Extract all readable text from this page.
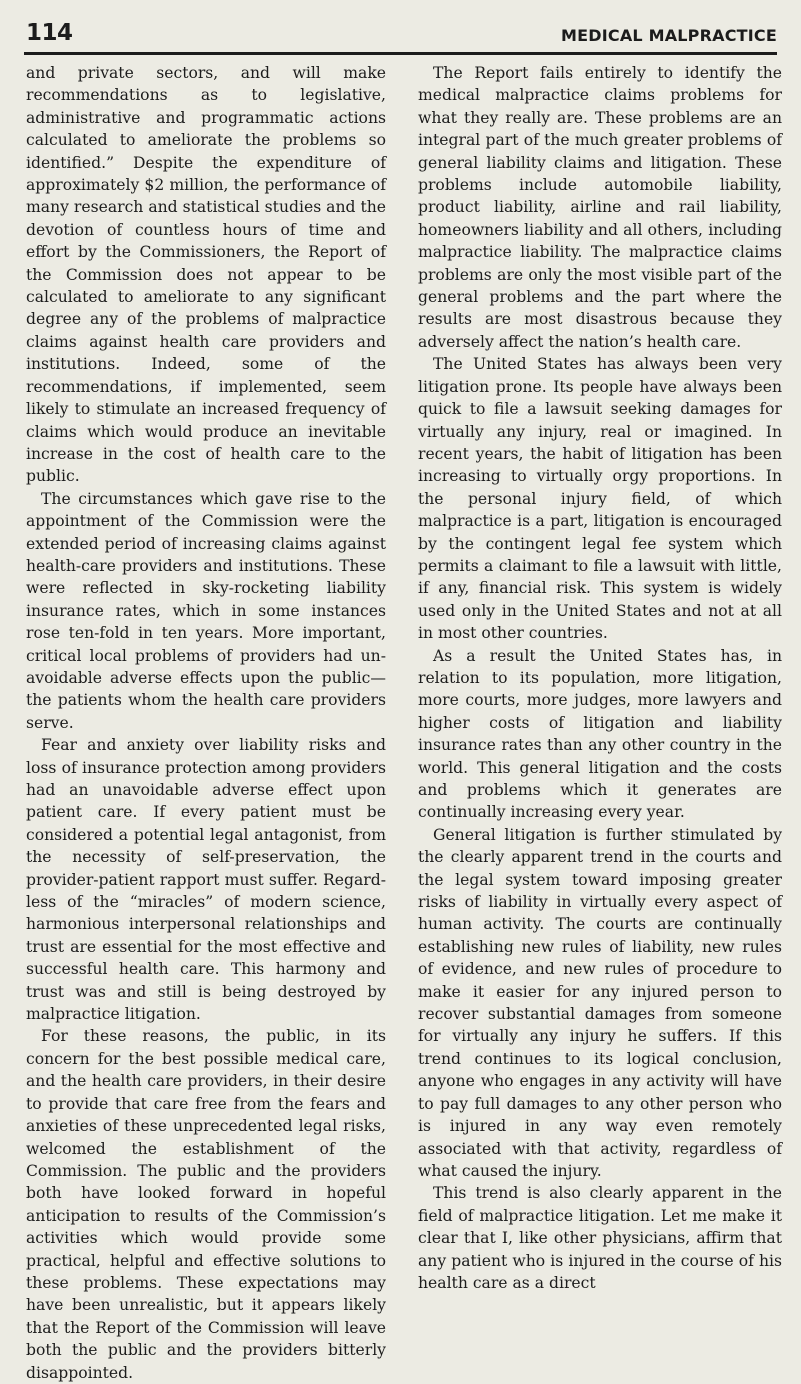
114	MEDICAL MALPRACTICE

and private sectors, and will make recommendations as to legislative, administrative and programmatic actions calculated to ameliorate the problems so identified.” Despite the expenditure of approximately $2 million, the performance of many research and statistical studies and the devotion of countless hours of time and effort by the Commissioners, the Report of the Commission does not appear to be calculated to ameliorate to any significant degree any of the problems of malpractice claims against health care providers and institutions. Indeed, some of the recommendations, if implemented, seem likely to stimulate an increased frequency of claims which would produce an inevitable increase in the cost of health care to the public.

The circumstances which gave rise to the appointment of the Commission were the extended period of increasing claims against health-care providers and institutions. These were reflected in sky-rocketing liability insurance rates, which in some instances rose ten-fold in ten years. More important, critical local problems of providers had unavoidable adverse effects upon the public—the patients whom the health care providers serve.

Fear and anxiety over liability risks and loss of insurance protection among providers had an unavoidable adverse effect upon patient care. If every patient must be considered a potential legal antagonist, from the necessity of self-preservation, the provider-patient rapport must suffer. Regardless of the “miracles” of modern science, harmonious interpersonal relationships and trust are essential for the most effective and successful health care. This harmony and trust was and still is being destroyed by malpractice litigation.

For these reasons, the public, in its concern for the best possible medical care, and the health care providers, in their desire to provide that care free from the fears and anxieties of these unprecedented legal risks, welcomed the establishment of the Commission. The public and the providers both have looked forward in hopeful anticipation to results of the Commission’s activities which would provide some practical, helpful and effective solutions to these problems. These expectations may have been unrealistic, but it appears likely that the Report of the Commission will leave both the public and the providers bitterly disappointed.

The Report fails entirely to identify the medical malpractice claims problems for what they really are. These problems are an integral part of the much greater problems of general liability claims and litigation. These problems include automobile liability, product liability, airline and rail liability, homeowners liability and all others, including malpractice liability. The malpractice claims problems are only the most visible part of the general problems and the part where the results are most disastrous because they adversely affect the nation’s health care.

The United States has always been very litigation prone. Its people have always been quick to file a lawsuit seeking damages for virtually any injury, real or imagined. In recent years, the habit of litigation has been increasing to virtually orgy proportions. In the personal injury field, of which malpractice is a part, litigation is encouraged by the contingent legal fee system which permits a claimant to file a lawsuit with little, if any, financial risk. This system is widely used only in the United States and not at all in most other countries.

As a result the United States has, in relation to its population, more litigation, more courts, more judges, more lawyers and higher costs of litigation and liability insurance rates than any other country in the world. This general litigation and the costs and problems which it generates are continually increasing every year.

General litigation is further stimulated by the clearly apparent trend in the courts and the legal system toward imposing greater risks of liability in virtually every aspect of human activity. The courts are continually establishing new rules of liability, new rules of evidence, and new rules of procedure to make it easier for any injured person to recover substantial damages from someone for virtually any injury he suffers. If this trend continues to its logical conclusion, anyone who engages in any activity will have to pay full damages to any other person who is injured in any way even remotely associated with that activity, regardless of what caused the injury.

This trend is also clearly apparent in the field of malpractice litigation. Let me make it clear that I, like other physicians, affirm that any patient who is injured in the course of his health care as a direct
